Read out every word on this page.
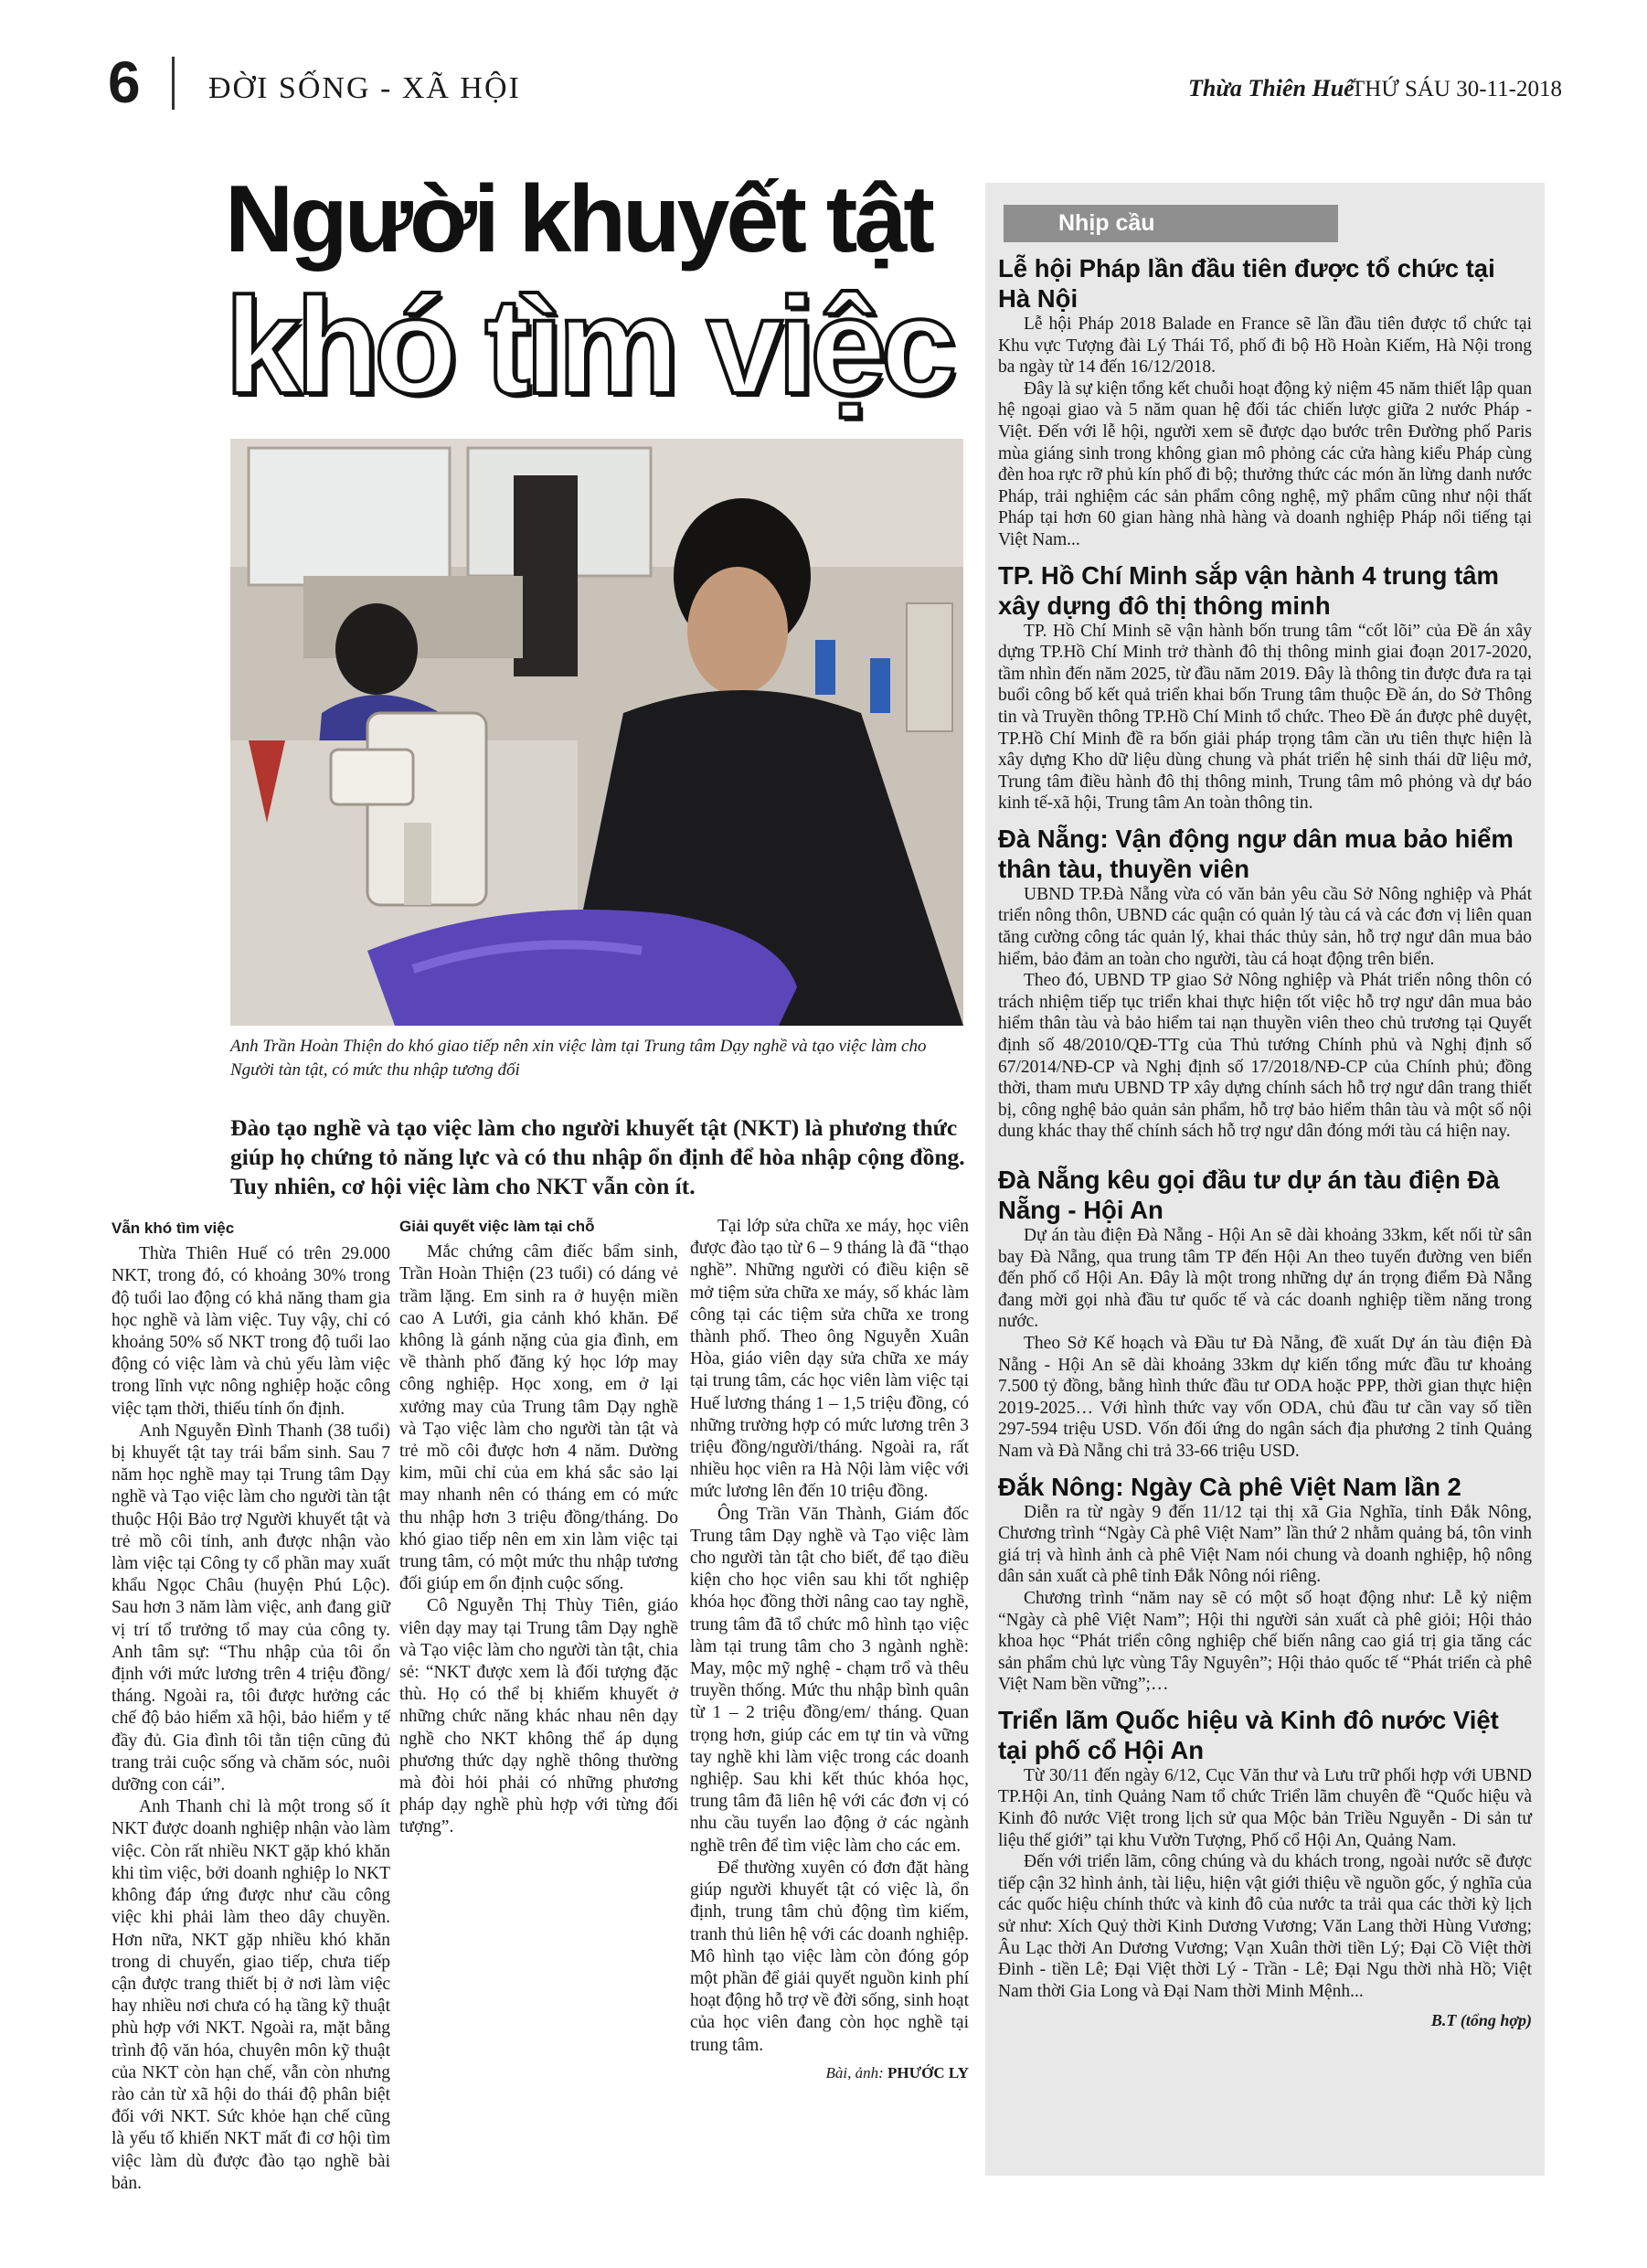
6 ĐỜI SỐNG - XÃ HỘI	Thừa Thiên Huế
THỨ SÁU 30-11-2018
Người khuyết tật
khó tìm việc
Anh Trần Hoàn Thiện do khó giao tiếp nên xin việc làm tại Trung tâm Dạy nghề và tạo việc làm cho Người tàn tật, có mức thu nhập tương đối
Đào tạo nghề và tạo việc làm cho người khuyết tật (NKT) là phương thức giúp họ chứng tỏ năng lực và có thu nhập ổn định để hòa nhập cộng đồng. Tuy nhiên, cơ hội việc làm cho NKT vẫn còn ít.
Vẫn khó tìm việc

Thừa Thiên Huế có trên 29.000 NKT, trong đó, có khoảng 30% trong độ tuổi lao động có khả năng tham gia học nghề và làm việc. Tuy vậy, chỉ có khoảng 50% số NKT trong độ tuổi lao động có việc làm và chủ yếu làm việc trong lĩnh vực nông nghiệp hoặc công việc tạm thời, thiếu tính ổn định.

Anh Nguyễn Đình Thanh (38 tuổi) bị khuyết tật tay trái bẩm sinh. Sau 7 năm học nghề may tại Trung tâm Dạy nghề và Tạo việc làm cho người tàn tật thuộc Hội Bảo trợ Người khuyết tật và trẻ mồ côi tỉnh, anh được nhận vào làm việc tại Công ty cổ phần may xuất khẩu Ngọc Châu (huyện Phú Lộc). Sau hơn 3 năm làm việc, anh đang giữ vị trí tổ trưởng tổ may của công ty. Anh tâm sự: “Thu nhập của tôi ổn định với mức lương trên 4 triệu đồng/ tháng. Ngoài ra, tôi được hưởng các chế độ bảo hiểm xã hội, bảo hiểm y tế đầy đủ. Gia đình tôi tằn tiện cũng đủ trang trải cuộc sống và chăm sóc, nuôi dưỡng con cái”.

Anh Thanh chỉ là một trong số ít NKT được doanh nghiệp nhận vào làm việc. Còn rất nhiều NKT gặp khó khăn khi tìm việc, bởi doanh nghiệp lo NKT không đáp ứng được như cầu công việc khi phải làm theo dây chuyền. Hơn nữa, NKT gặp nhiều khó khăn trong di chuyển, giao tiếp, chưa tiếp cận được trang thiết bị ở nơi làm việc hay nhiều nơi chưa có hạ tầng kỹ thuật phù hợp với NKT. Ngoài ra, mặt bằng trình độ văn hóa, chuyên môn kỹ thuật của NKT còn hạn chế, vẫn còn nhưng rào cản từ xã hội do thái độ phân biệt đối với NKT. Sức khỏe hạn chế cũng là yếu tố khiến NKT mất đi cơ hội tìm việc làm dù được đào tạo nghề bài bản.

Giải quyết việc làm tại chỗ

Mắc chứng câm điếc bẩm sinh, Trần Hoàn Thiện (23 tuổi) có dáng vẻ trầm lặng. Em sinh ra ở huyện miền cao A Lưới, gia cảnh khó khăn. Để không là gánh nặng của gia đình, em về thành phố đăng ký học lớp may công nghiệp. Học xong, em ở lại xưởng may của Trung tâm Dạy nghề và Tạo việc làm cho người tàn tật và trẻ mồ côi được hơn 4 năm. Dường kim, mũi chỉ của em khá sắc sảo lại may nhanh nên có tháng em có mức thu nhập hơn 3 triệu đồng/tháng. Do khó giao tiếp nên em xin làm việc tại trung tâm, có một mức thu nhập tương đối giúp em ổn định cuộc sống.

Cô Nguyễn Thị Thùy Tiên, giáo viên dạy may tại Trung tâm Dạy nghề và Tạo việc làm cho người tàn tật, chia sẻ: “NKT được xem là đối tượng đặc thù. Họ có thể bị khiếm khuyết ở những chức năng khác nhau nên dạy nghề cho NKT không thể áp dụng phương thức dạy nghề thông thường mà đòi hỏi phải có những phương pháp dạy nghề phù hợp với từng đối tượng”.

Tại lớp sửa chữa xe máy, học viên được đào tạo từ 6 – 9 tháng là đã “thạo nghề”. Những người có điều kiện sẽ mở tiệm sửa chữa xe máy, số khác làm công tại các tiệm sửa chữa xe trong thành phố. Theo ông Nguyễn Xuân Hòa, giáo viên dạy sửa chữa xe máy tại trung tâm, các học viên làm việc tại Huế lương tháng 1 – 1,5 triệu đồng, có những trường hợp có mức lương trên 3 triệu đồng/người/tháng. Ngoài ra, rất nhiều học viên ra Hà Nội làm việc với mức lương lên đến 10 triệu đồng.

Ông Trần Văn Thành, Giám đốc Trung tâm Dạy nghề và Tạo việc làm cho người tàn tật cho biết, để tạo điều kiện cho học viên sau khi tốt nghiệp khóa học đồng thời nâng cao tay nghề, trung tâm đã tổ chức mô hình tạo việc làm tại trung tâm cho 3 ngành nghề: May, mộc mỹ nghệ - chạm trổ và thêu truyền thống. Mức thu nhập bình quân từ 1 – 2 triệu đồng/em/ tháng. Quan trọng hơn, giúp các em tự tin và vững tay nghề khi làm việc trong các doanh nghiệp. Sau khi kết thúc khóa học, trung tâm đã liên hệ với các đơn vị có nhu cầu tuyển lao động ở các ngành nghề trên để tìm việc làm cho các em.

Để thường xuyên có đơn đặt hàng giúp người khuyết tật có việc là, ổn định, trung tâm chủ động tìm kiếm, tranh thủ liên hệ với các doanh nghiệp. Mô hình tạo việc làm còn đóng góp một phần để giải quyết nguồn kinh phí hoạt động hỗ trợ về đời sống, sinh hoạt của học viên đang còn học nghề tại trung tâm.

Bài, ảnh: PHƯỚC LY
Nhịp cầu
Lễ hội Pháp lần đầu tiên được tổ chức tại Hà Nội

Lễ hội Pháp 2018 Balade en France sẽ lần đầu tiên được tổ chức tại Khu vực Tượng đài Lý Thái Tổ, phố đi bộ Hồ Hoàn Kiếm, Hà Nội trong ba ngày từ 14 đến 16/12/2018.

Đây là sự kiện tổng kết chuỗi hoạt động kỷ niệm 45 năm thiết lập quan hệ ngoại giao và 5 năm quan hệ đối tác chiến lược giữa 2 nước Pháp - Việt. Đến với lễ hội, người xem sẽ được dạo bước trên Đường phố Paris mùa giáng sinh trong không gian mô phỏng các cửa hàng kiểu Pháp cùng đèn hoa rực rỡ phủ kín phố đi bộ; thưởng thức các món ăn lừng danh nước Pháp, trải nghiệm các sản phẩm công nghệ, mỹ phẩm cũng như nội thất Pháp tại hơn 60 gian hàng nhà hàng và doanh nghiệp Pháp nổi tiếng tại Việt Nam...

TP. Hồ Chí Minh sắp vận hành 4 trung tâm xây dựng đô thị thông minh

TP. Hồ Chí Minh sẽ vận hành bốn trung tâm “cốt lõi” của Đề án xây dựng TP.Hồ Chí Minh trở thành đô thị thông minh giai đoạn 2017-2020, tầm nhìn đến năm 2025, từ đầu năm 2019. Đây là thông tin được đưa ra tại buổi công bố kết quả triển khai bốn Trung tâm thuộc Đề án, do Sở Thông tin và Truyền thông TP.Hồ Chí Minh tổ chức. Theo Đề án được phê duyệt, TP.Hồ Chí Minh đề ra bốn giải pháp trọng tâm cần ưu tiên thực hiện là xây dựng Kho dữ liệu dùng chung và phát triển hệ sinh thái dữ liệu mở, Trung tâm điều hành đô thị thông minh, Trung tâm mô phỏng và dự báo kinh tế-xã hội, Trung tâm An toàn thông tin.

Đà Nẵng: Vận động ngư dân mua bảo hiểm thân tàu, thuyền viên

UBND TP.Đà Nẵng vừa có văn bản yêu cầu Sở Nông nghiệp và Phát triển nông thôn, UBND các quận có quản lý tàu cá và các đơn vị liên quan tăng cường công tác quản lý, khai thác thủy sản, hỗ trợ ngư dân mua bảo hiểm, bảo đảm an toàn cho người, tàu cá hoạt động trên biển.

Theo đó, UBND TP giao Sở Nông nghiệp và Phát triển nông thôn có trách nhiệm tiếp tục triển khai thực hiện tốt việc hỗ trợ ngư dân mua bảo hiểm thân tàu và bảo hiểm tai nạn thuyền viên theo chủ trương tại Quyết định số 48/2010/QĐ-TTg của Thủ tướng Chính phủ và Nghị định số 67/2014/NĐ-CP và Nghị định số 17/2018/NĐ-CP của Chính phủ; đồng thời, tham mưu UBND TP xây dựng chính sách hỗ trợ ngư dân trang thiết bị, công nghệ bảo quản sản phẩm, hỗ trợ bảo hiểm thân tàu và một số nội dung khác thay thế chính sách hỗ trợ ngư dân đóng mới tàu cá hiện nay.

Đà Nẵng kêu gọi đầu tư dự án tàu điện Đà Nẵng - Hội An

Dự án tàu điện Đà Nẵng - Hội An sẽ dài khoảng 33km, kết nối từ sân bay Đà Nẵng, qua trung tâm TP đến Hội An theo tuyến đường ven biển đến phố cổ Hội An. Đây là một trong những dự án trọng điểm Đà Nẵng đang mời gọi nhà đầu tư quốc tế và các doanh nghiệp tiềm năng trong nước.

Theo Sở Kế hoạch và Đầu tư Đà Nẵng, đề xuất Dự án tàu điện Đà Nẵng - Hội An sẽ dài khoảng 33km dự kiến tổng mức đầu tư khoảng 7.500 tỷ đồng, bằng hình thức đầu tư ODA hoặc PPP, thời gian thực hiện 2019-2025… Với hình thức vay vốn ODA, chủ đầu tư cần vay số tiền 297-594 triệu USD. Vốn đối ứng do ngân sách địa phương 2 tỉnh Quảng Nam và Đà Nẵng chi trả 33-66 triệu USD.

Đắk Nông: Ngày Cà phê Việt Nam lần 2

Diễn ra từ ngày 9 đến 11/12 tại thị xã Gia Nghĩa, tỉnh Đắk Nông, Chương trình “Ngày Cà phê Việt Nam” lần thứ 2 nhằm quảng bá, tôn vinh giá trị và hình ảnh cà phê Việt Nam nói chung và doanh nghiệp, hộ nông dân sản xuất cà phê tỉnh Đắk Nông nói riêng.

Chương trình “năm nay sẽ có một số hoạt động như: Lễ kỷ niệm “Ngày cà phê Việt Nam”; Hội thi người sản xuất cà phê giỏi; Hội thảo khoa học “Phát triển công nghiệp chế biến nâng cao giá trị gia tăng các sản phẩm chủ lực vùng Tây Nguyên”; Hội thảo quốc tế “Phát triển cà phê Việt Nam bền vững”;…

Triển lãm Quốc hiệu và Kinh đô nước Việt tại phố cổ Hội An

Từ 30/11 đến ngày 6/12, Cục Văn thư và Lưu trữ phối hợp với UBND TP.Hội An, tỉnh Quảng Nam tổ chức Triển lãm chuyên đề “Quốc hiệu và Kinh đô nước Việt trong lịch sử qua Mộc bản Triều Nguyễn - Di sản tư liệu thế giới” tại khu Vườn Tượng, Phố cổ Hội An, Quảng Nam.

Đến với triển lãm, công chúng và du khách trong, ngoài nước sẽ được tiếp cận 32 hình ảnh, tài liệu, hiện vật giới thiệu về nguồn gốc, ý nghĩa của các quốc hiệu chính thức và kinh đô của nước ta trải qua các thời kỳ lịch sử như: Xích Quỷ thời Kinh Dương Vương; Văn Lang thời Hùng Vương; Âu Lạc thời An Dương Vương; Vạn Xuân thời tiền Lý; Đại Cồ Việt thời Đinh - tiền Lê; Đại Việt thời Lý - Trần - Lê; Đại Ngu thời nhà Hồ; Việt Nam thời Gia Long và Đại Nam thời Minh Mệnh...

B.T (tổng hợp)
